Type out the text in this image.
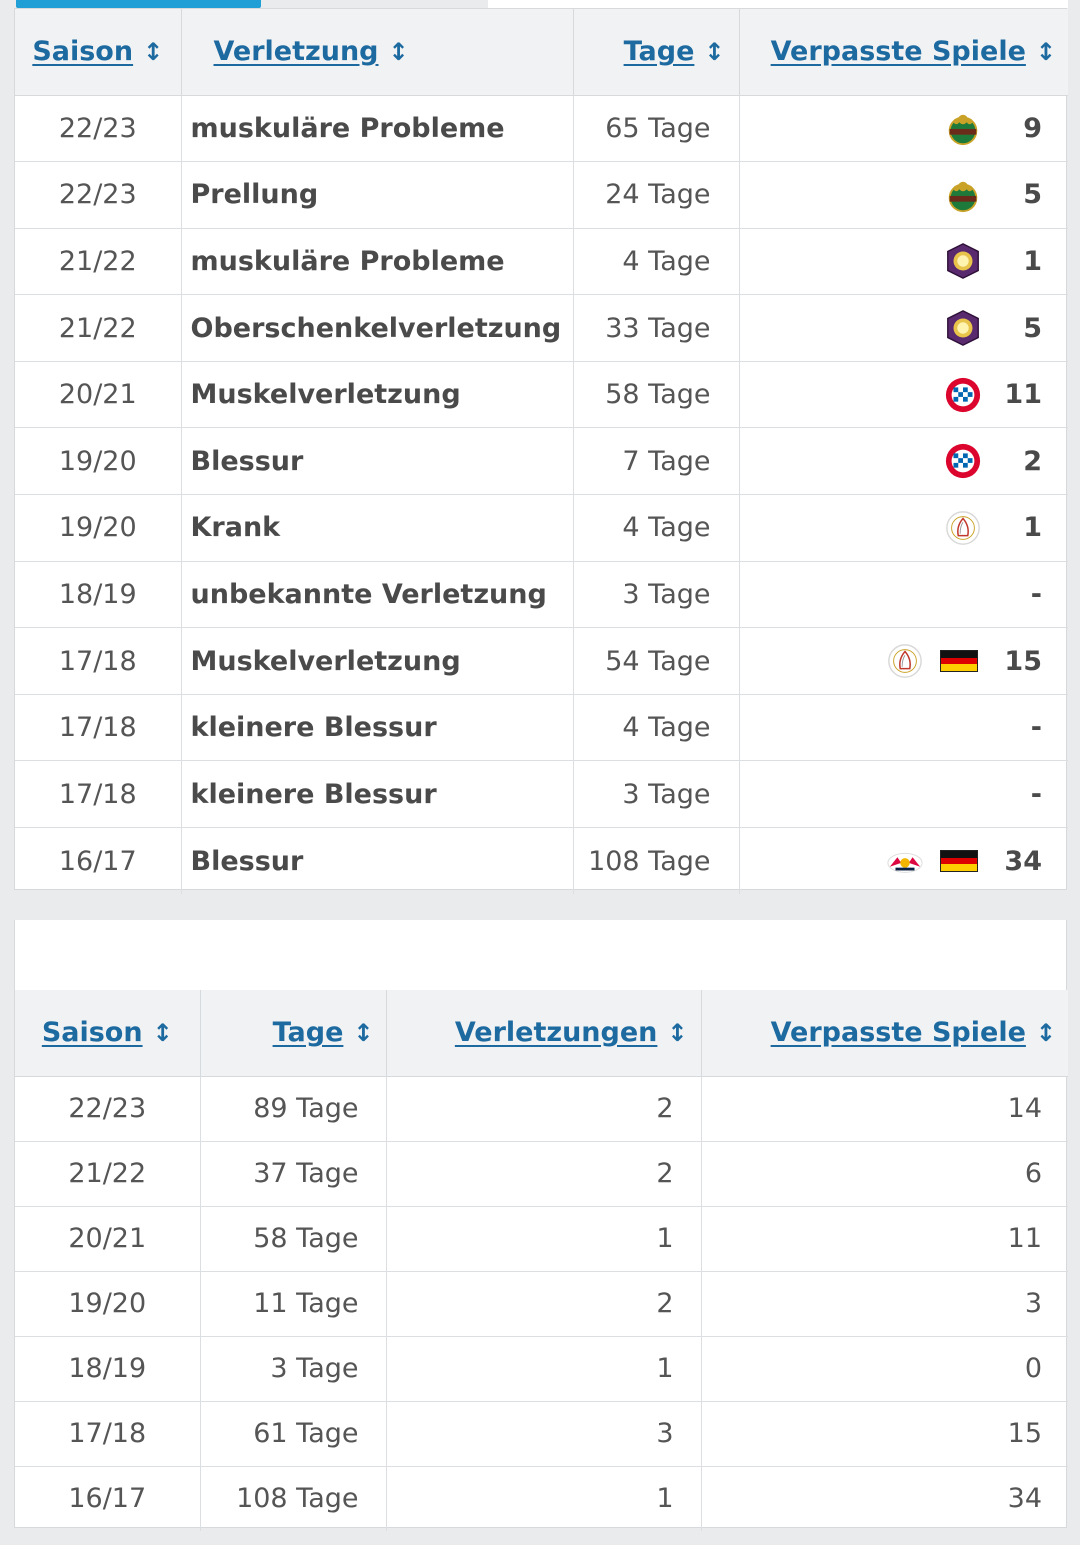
Saison ↕	Verletzung ↕	Tage ↕	Verpasste Spiele ↕
22/23	muskuläre Probleme	65 Tage	9

22/23	Prellung	24 Tage	5

21/22	muskuläre Probleme	4 Tage	1

21/22	Oberschenkelverletzung	33 Tage	5

20/21	Muskelverletzung	58 Tage	11

19/20	Blessur	7 Tage	2

19/20	Krank	4 Tage	1

18/19	unbekannte Verletzung	3 Tage	-

17/18	Muskelverletzung	54 Tage	15

17/18	kleinere Blessur	4 Tage	-

17/18	kleinere Blessur	3 Tage	-

16/17	Blessur	108 Tage	34
Saison ↕	Tage ↕	Verletzungen ↕	Verpasste Spiele ↕
22/23	89 Tage	2	14
21/22	37 Tage	2	6
20/21	58 Tage	1	11
19/20	11 Tage	2	3
18/19	3 Tage	1	0
17/18	61 Tage	3	15
16/17	108 Tage	1	34
